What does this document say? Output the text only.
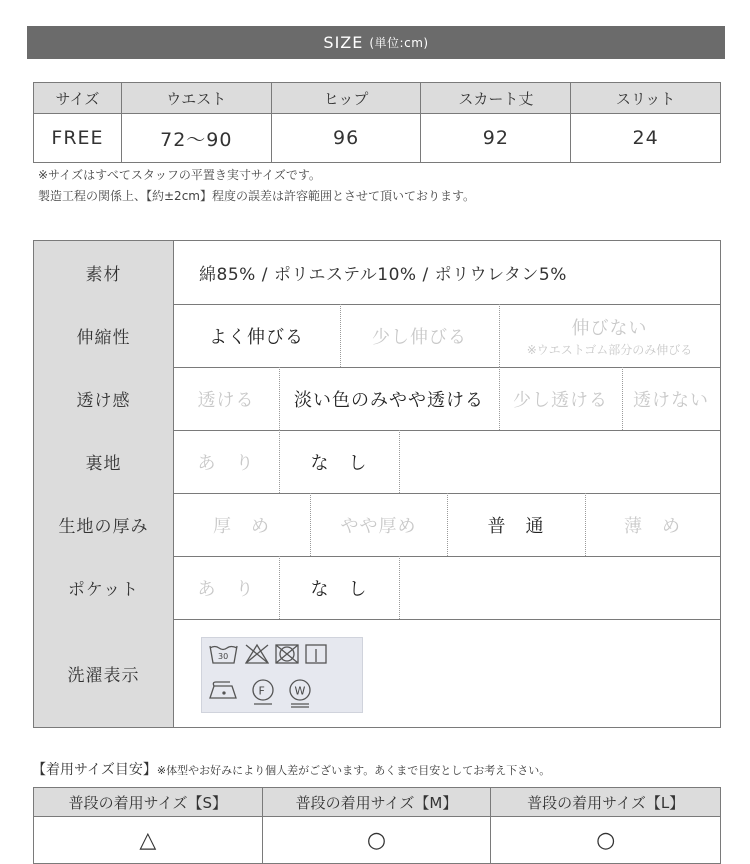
SIZE (単位:cm)
サイズ	ウエスト	ヒップ	スカート丈	スリット
FREE	72〜90	96	92	24
※サイズはすべてスタッフの平置き実寸サイズです。
製造工程の関係上、【約±2cm】程度の誤差は許容範囲とさせて頂いております。
素材	綿85% / ポリエステル10% / ポリウレタン5%
伸縮性	よく伸びる	少し伸びる	伸びない
※ウエストゴム部分のみ伸びる
透け感	透ける	淡い色のみやや透ける	少し透ける	透けない
裏地	あ　り	な　し
生地の厚み	厚　め	やや厚め	普　通	薄　め
ポケット	あ　り	な　し
洗濯表示
30
F	W
【着用サイズ目安】※体型やお好みにより個人差がございます。あくまで目安としてお考え下さい。
普段の着用サイズ【S】	普段の着用サイズ【M】	普段の着用サイズ【L】
△	○	○
